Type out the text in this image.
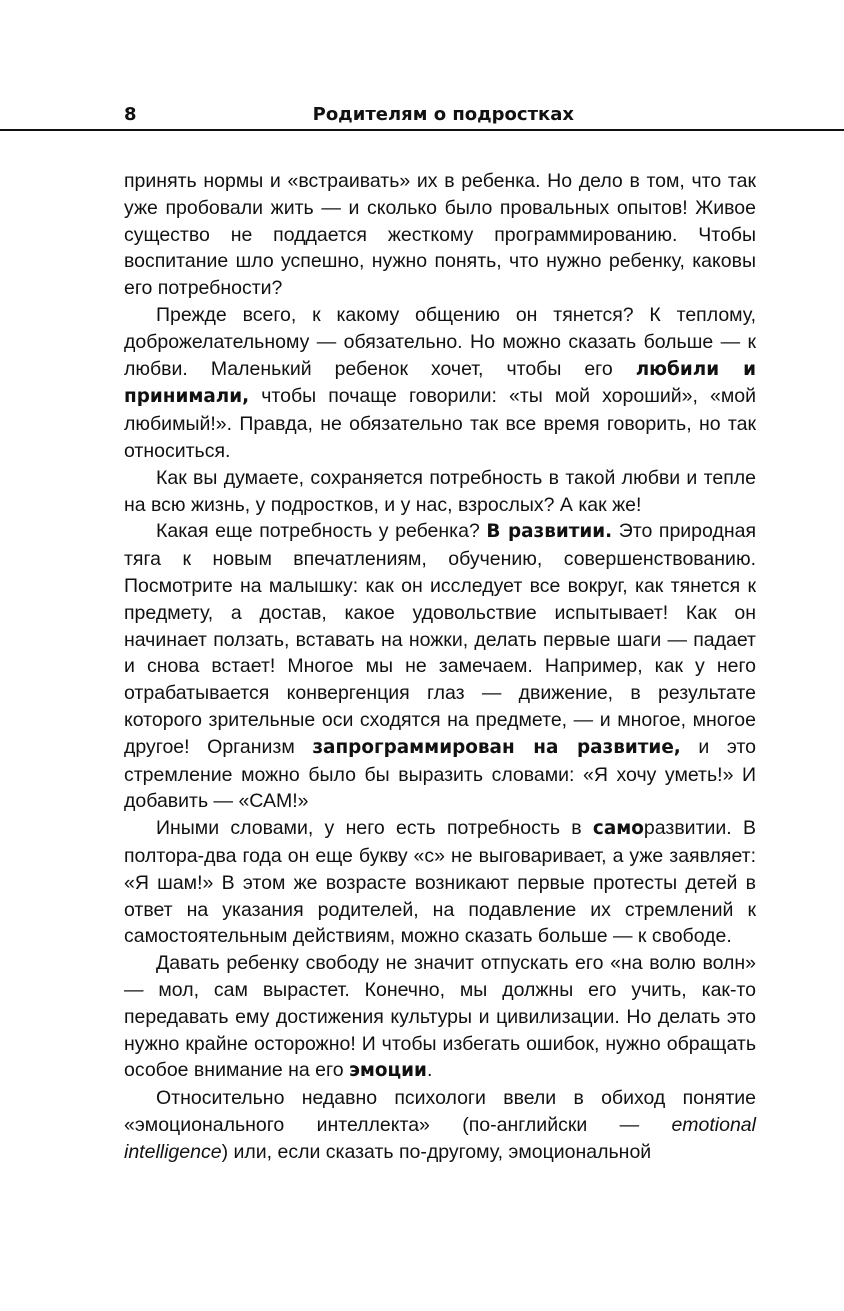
8	Родителям о подростках

принять нормы и «встраивать» их в ребенка. Но дело в том, что так уже пробовали жить — и сколько было провальных опытов! Живое существо не поддается жесткому программированию. Чтобы воспитание шло успешно, нужно понять, что нужно ребенку, каковы его потребности?

Прежде всего, к какому общению он тянется? К теплому, доброжелательному — обязательно. Но можно сказать больше — к любви. Маленький ребенок хочет, чтобы его любили и принимали, чтобы почаще говорили: «ты мой хороший», «мой любимый!». Правда, не обязательно так все время говорить, но так относиться.

Как вы думаете, сохраняется потребность в такой любви и тепле на всю жизнь, у подростков, и у нас, взрослых? А как же!

Какая еще потребность у ребенка? В развитии. Это природная тяга к новым впечатлениям, обучению, совершенствованию. Посмотрите на малышку: как он исследует все вокруг, как тянется к предмету, а достав, какое удовольствие испытывает! Как он начинает ползать, вставать на ножки, делать первые шаги — падает и снова встает! Многое мы не замечаем. Например, как у него отрабатывается конвергенция глаз — движение, в результате которого зрительные оси сходятся на предмете, — и многое, многое другое! Организм запрограммирован на развитие, и это стремление можно было бы выразить словами: «Я хочу уметь!» И добавить — «САМ!»

Иными словами, у него есть потребность в саморазвитии. В полтора-два года он еще букву «с» не выговаривает, а уже заявляет: «Я шам!» В этом же возрасте возникают первые протесты детей в ответ на указания родителей, на подавление их стремлений к самостоятельным действиям, можно сказать больше — к свободе.

Давать ребенку свободу не значит отпускать его «на волю волн» — мол, сам вырастет. Конечно, мы должны его учить, как-то передавать ему достижения культуры и цивилизации. Но делать это нужно крайне осторожно! И чтобы избегать ошибок, нужно обращать особое внимание на его эмоции.

Относительно недавно психологи ввели в обиход понятие «эмоционального интеллекта» (по-английски — emotional intelligence) или, если сказать по-другому, эмоциональной
